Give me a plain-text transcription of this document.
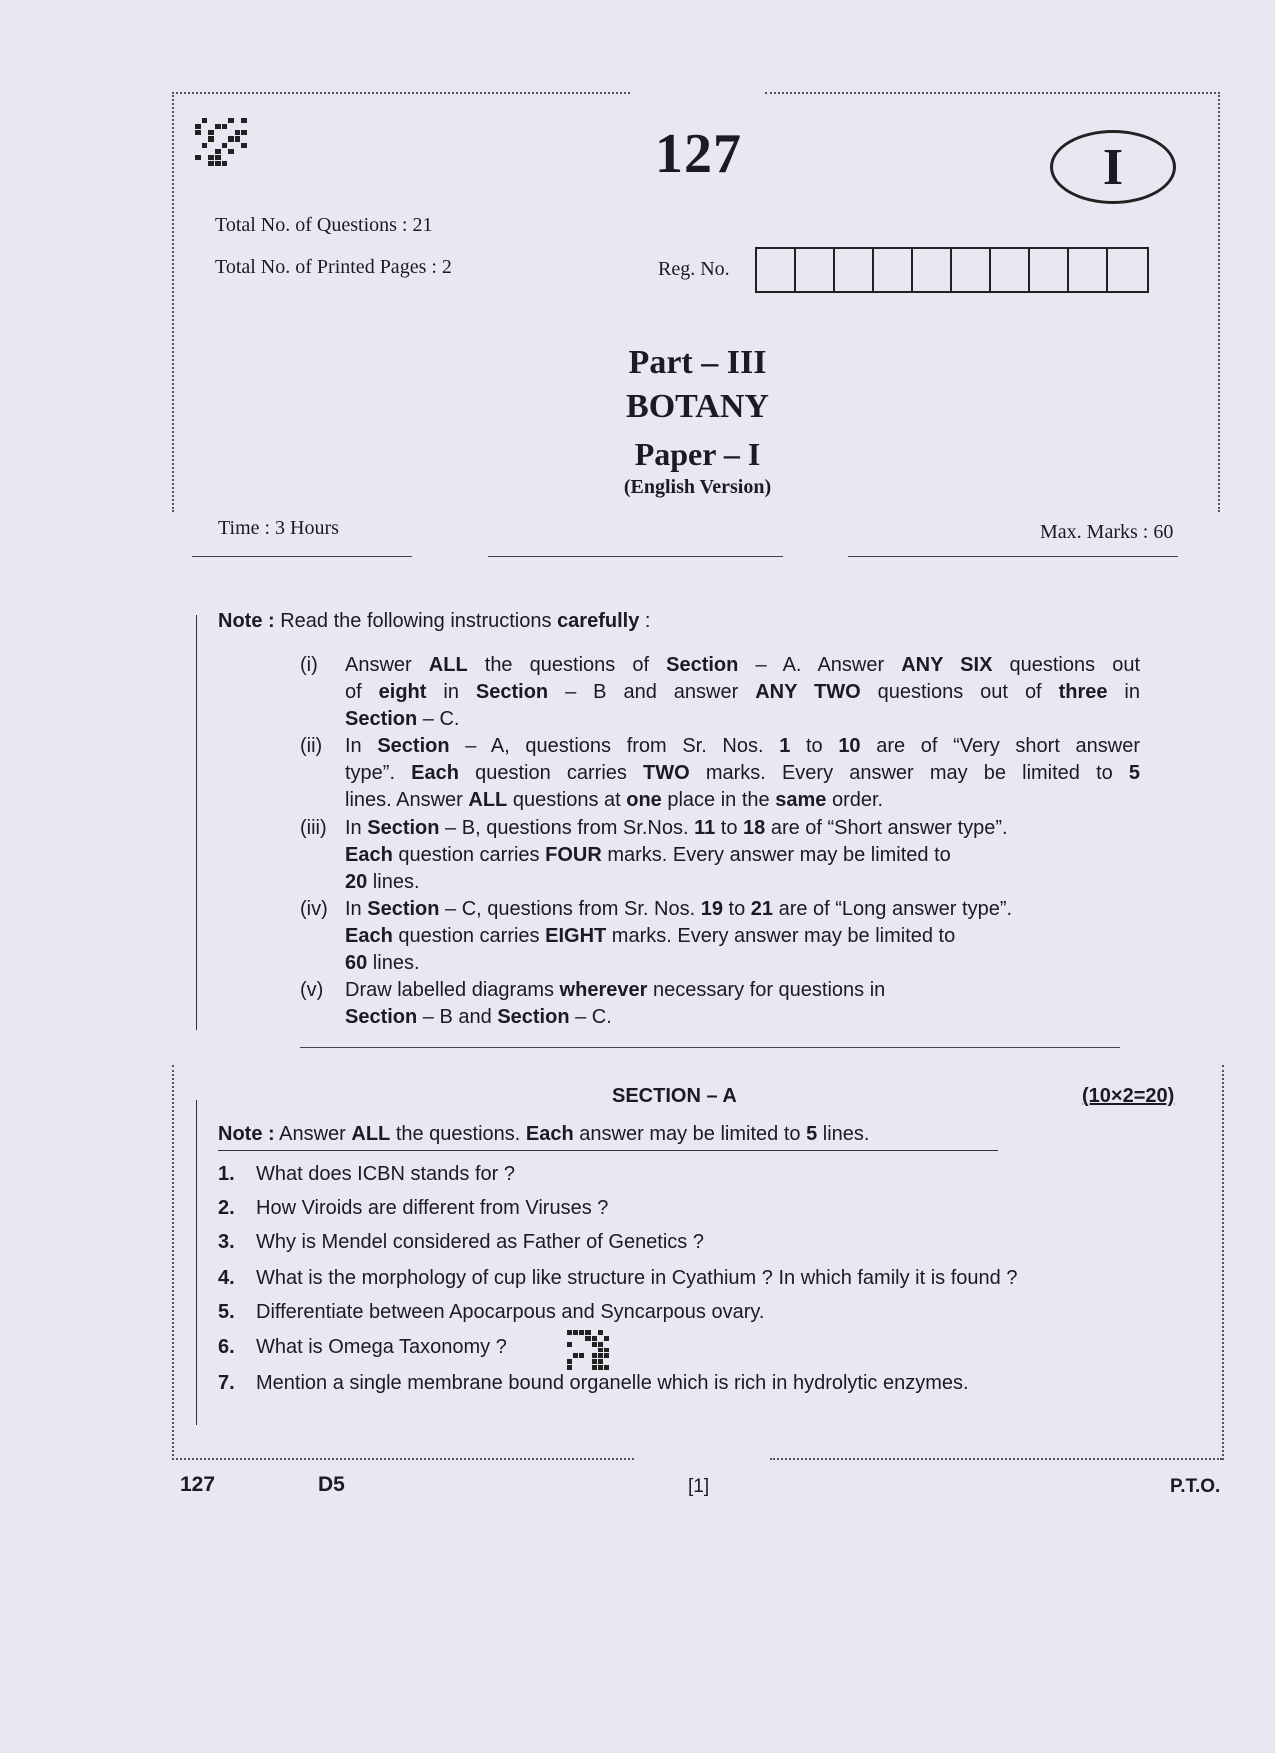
127	I
Total No. of Questions : 21
Total No. of Printed Pages : 2	Reg. No.
Part – III
BOTANY
Paper – I
(English Version)
Time : 3 Hours	Max. Marks : 60
Note : Read the following instructions carefully :
(i)	Answer ALL the questions of Section – A. Answer ANY SIX questions out
of eight in Section – B and answer ANY TWO questions out of three in
Section – C.
(ii)	In Section – A, questions from Sr. Nos. 1 to 10 are of “Very short answer
type”. Each question carries TWO marks. Every answer may be limited to 5
lines. Answer ALL questions at one place in the same order.
(iii) In Section – B, questions from Sr.Nos. 11 to 18 are of “Short answer type”.
Each question carries FOUR marks. Every answer may be limited to
20 lines.
(iv) In Section – C, questions from Sr. Nos. 19 to 21 are of “Long answer type”.
Each question carries EIGHT marks. Every answer may be limited to
60 lines.
(v)	Draw labelled diagrams wherever necessary for questions in
Section – B and Section – C.
SECTION – A	(10×2=20)
Note : Answer ALL the questions. Each answer may be limited to 5 lines.
1. What does ICBN stands for ?
2. How Viroids are different from Viruses ?
3. Why is Mendel considered as Father of Genetics ?
4. What is the morphology of cup like structure in Cyathium ? In which family it is found ?
5. Differentiate between Apocarpous and Syncarpous ovary.
6. What is Omega Taxonomy ?
7. Mention a single membrane bound organelle which is rich in hydrolytic enzymes.
127	D5	[1]	P.T.O.
